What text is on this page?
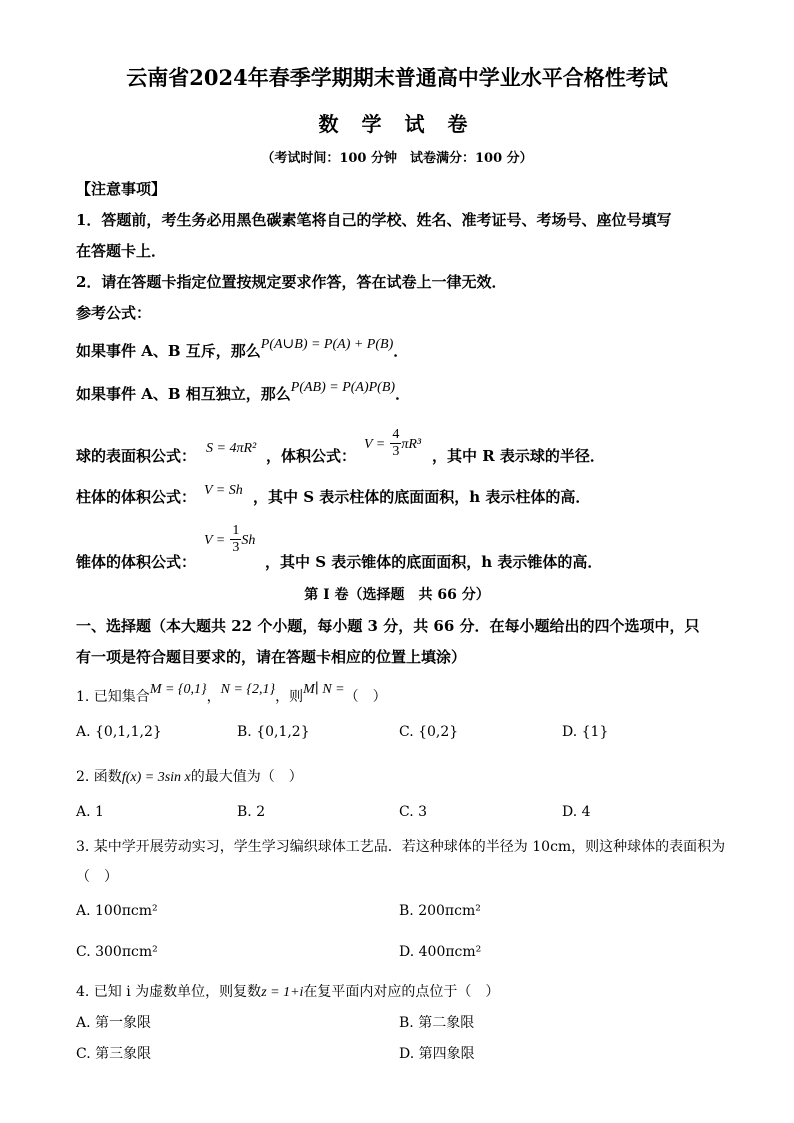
云南省2024年春季学期期末普通高中学业水平合格性考试
数 学 试 卷
（考试时间：100 分钟　试卷满分：100 分）
【注意事项】
1．答题前，考生务必用黑色碳素笔将自己的学校、姓名、准考证号、考场号、座位号填写
在答题卡上．
2．请在答题卡指定位置按规定要求作答，答在试卷上一律无效．
参考公式：
如果事件 A、B 互斥，那么P(A∪B) = P(A) + P(B)．
如果事件 A、B 相互独立，那么P(AB) = P(A)P(B)．
球的表面积公式： S = 4πR² ，体积公式：
$V = \frac{4}{3} \pi R^3$
，其中 R 表示球的半径．
柱体的体积公式： V = Sh ，其中 S 表示柱体的底面面积，h 表示柱体的高．
锥体的体积公式：
$V = \frac{1}{3}$ Sh
，其中 S 表示锥体的底面面积，h 表示锥体的高．
第 I 卷（选择题　共 66 分）
一、选择题（本大题共 22 个小题，每小题 3 分，共 66 分．在每小题给出的四个选项中，只
有一项是符合题目要求的，请在答题卡相应的位置上填涂）
1. 已知集合M = {0,1}，N = {2,1}，则M∣ N =（　）
A. {0,1,1,2}	B. {0,1,2}	C. {0,2}	D. {1}
2. 函数f(x) = 3sin x的最大值为（　）
A. 1	B. 2	C. 3	D. 4
3. 某中学开展劳动实习，学生学习编织球体工艺品．若这种球体的半径为 10cm，则这种球体的表面积为
（　）
A. 100πcm²	B. 200πcm²
C. 300πcm²	D. 400πcm²
4. 已知 i 为虚数单位，则复数z = 1+i在复平面内对应的点位于（　）
A. 第一象限	B. 第二象限
C. 第三象限	D. 第四象限
